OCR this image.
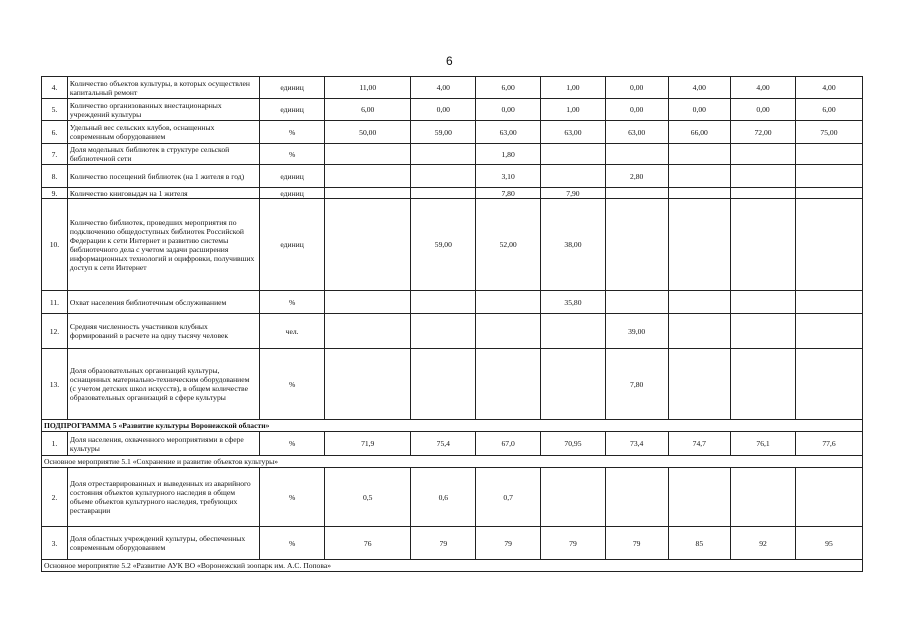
6
4.	Количество объектов культуры, в которых осуществлен капитальный ремонт	единиц	11,00	4,00	6,00	1,00	0,00	4,00	4,00	4,00
5.	Количество организованных внестационарных учреждений культуры	единиц	6,00	0,00	0,00	1,00	0,00	0,00	0,00	6,00
6.	Удельный вес сельских клубов, оснащенных современным оборудованием	%	50,00	59,00	63,00	63,00	63,00	66,00	72,00	75,00
7.	Доля модельных библиотек в структуре сельской библиотечной сети	%			1,80					
8.	Количество посещений библиотек (на 1 жителя в год)	единиц			3,10		2,80			
9.	Количество книговыдач на 1 жителя	единиц			7,80	7,90				
10.	Количество библиотек, проведших мероприятия по подключению общедоступных библиотек Российской Федерации к сети Интернет и развитию системы библиотечного дела с учетом задачи расширения информационных технологий и оцифровки, получивших доступ к сети Интернет	единиц		59,00	52,00	38,00				
11.	Охват населения библиотечным обслуживанием	%				35,80				
12.	Средняя численность участников клубных формирований в расчете на одну тысячу человек	чел.					39,00			
13.	Доля образовательных организаций культуры, оснащенных материально-техническим оборудованием (с учетом детских школ искусств), в общем количестве образовательных организаций в сфере культуры	%					7,80			
ПОДПРОГРАММА 5 «Развитие культуры Воронежской области»										
1.	Доля населения, охваченного мероприятиями в сфере культуры	%	71,9	75,4	67,0	70,95	73,4	74,7	76,1	77,6
Основное мероприятие 5.1 «Сохранение и развитие объектов культуры»										
2.	Доля отреставрированных и выведенных из аварийного состояния объектов культурного наследия в общем объеме объектов культурного наследия, требующих реставрации	%	0,5	0,6	0,7					
3.	Доля областных учреждений культуры, обеспеченных современным оборудованием	%	76	79	79	79	79	85	92	95
Основное мероприятие 5.2 «Развитие АУК ВО «Воронежский зоопарк им. А.С. Попова»										
